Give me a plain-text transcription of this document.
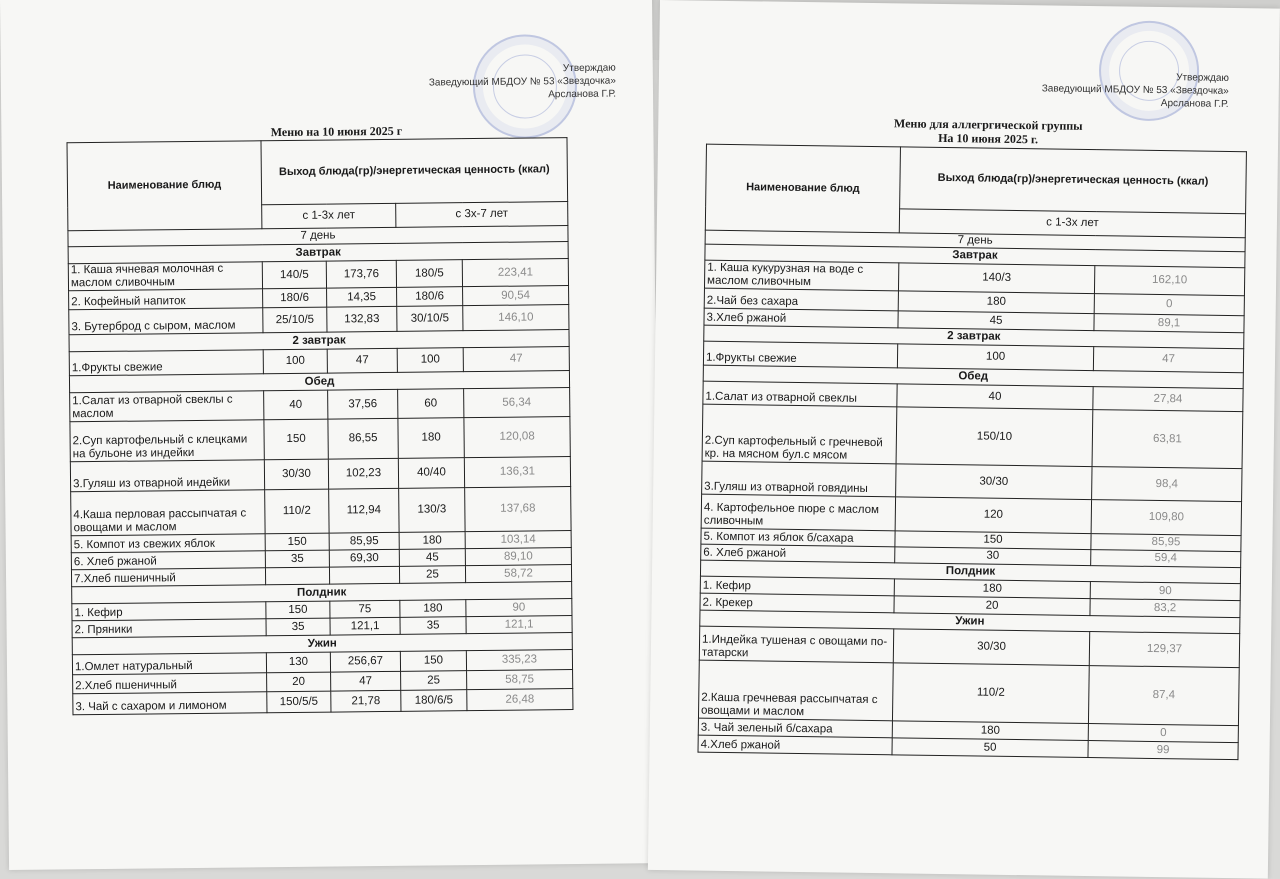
Утверждаю
Заведующий МБДОУ № 53 «Звездочка»
Арсланова Г.Р.
Меню на 10 июня 2025 г
Наименование блюд	Выход блюда(гр)/энергетическая ценность (ккал)			
	с 1-3х лет		с 3х-7 лет	
7 день				
Завтрак				
1. Каша ячневая молочная с маслом сливочным	140/5	173,76	180/5	223,41
2. Кофейный напиток	180/6	14,35	180/6	90,54
3. Бутерброд с сыром, маслом	25/10/5	132,83	30/10/5	146,10
2 завтрак				
1.Фрукты свежие	100	47	100	47
Обед				
1.Салат из отварной свеклы с маслом	40	37,56	60	56,34
2.Суп картофельный с клецками на бульоне из индейки	150	86,55	180	120,08
3.Гуляш из отварной индейки	30/30	102,23	40/40	136,31
4.Каша перловая рассыпчатая с овощами и маслом	110/2	112,94	130/3	137,68
5. Компот из свежих яблок	150	85,95	180	103,14
6. Хлеб ржаной	35	69,30	45	89,10
7.Хлеб пшеничный			25	58,72
Полдник				
1. Кефир	150	75	180	90
2. Пряники	35	121,1	35	121,1
Ужин				
1.Омлет натуральный	130	256,67	150	335,23
2.Хлеб пшеничный	20	47	25	58,75
3. Чай с сахаром и лимоном	150/5/5	21,78	180/6/5	26,48
Утверждаю
Заведующий МБДОУ № 53 «Звездочка»
Арсланова Г.Р.
Меню для аллегргической группы
На 10 июня 2025 г.
Наименование блюд	Выход блюда(гр)/энергетическая ценность (ккал)	
	с 1-3х лет	
7 день		
Завтрак		
1. Каша кукурузная на воде с маслом сливочным	140/3	162,10
2.Чай без сахара	180	0
3.Хлеб ржаной	45	89,1
2 завтрак		
1.Фрукты свежие	100	47
Обед		
1.Салат из отварной свеклы	40	27,84
2.Суп картофельный с гречневой кр. на мясном бул.с мясом	150/10	63,81
3.Гуляш из отварной говядины	30/30	98,4
4. Картофельное пюре с маслом сливочным	120	109,80
5. Компот из яблок б/сахара	150	85,95
6. Хлеб ржаной	30	59,4
Полдник		
1. Кефир	180	90
2. Крекер	20	83,2
Ужин		
1.Индейка тушеная с овощами по-татарски	30/30	129,37
2.Каша гречневая рассыпчатая с овощами и маслом	110/2	87,4
3. Чай зеленый б/сахара	180	0
4.Хлеб ржаной	50	99
